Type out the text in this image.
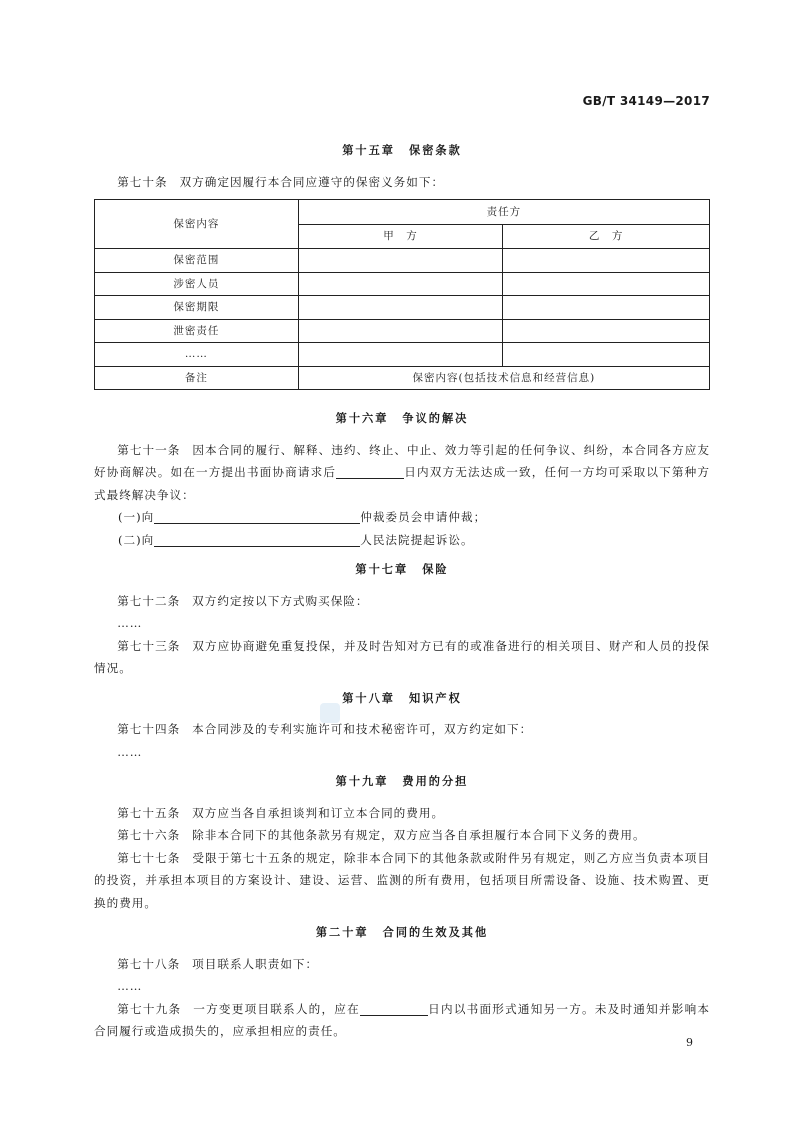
GB/T 34149—2017

第十五章 保密条款

第七十条 双方确定因履行本合同应遵守的保密义务如下：

保密内容	责任方	
	甲　方	乙　方
保密范围		
涉密人员		
保密期限		
泄密责任		
……		
备注	保密内容(包括技术信息和经营信息)	

第十六章 争议的解决

第七十一条 因本合同的履行、解释、违约、终止、中止、效力等引起的任何争议、纠纷，本合同各方应友好协商解决。如在一方提出书面协商请求后	日内双方无法达成一致，任何一方均可采取以下第种方式最终解决争议：

(一)向	仲裁委员会申请仲裁；

(二)向	人民法院提起诉讼。

第十七章 保险

第七十二条 双方约定按以下方式购买保险：

……

第七十三条 双方应协商避免重复投保，并及时告知对方已有的或准备进行的相关项目、财产和人员的投保情况。

第十八章 知识产权

第七十四条 本合同涉及的专利实施许可和技术秘密许可，双方约定如下：

……

第十九章 费用的分担

第七十五条 双方应当各自承担谈判和订立本合同的费用。

第七十六条 除非本合同下的其他条款另有规定，双方应当各自承担履行本合同下义务的费用。

第七十七条 受限于第七十五条的规定，除非本合同下的其他条款或附件另有规定，则乙方应当负责本项目的投资，并承担本项目的方案设计、建设、运营、监测的所有费用，包括项目所需设备、设施、技术购置、更换的费用。

第二十章 合同的生效及其他

第七十八条 项目联系人职责如下：

……

第七十九条 一方变更项目联系人的，应在	日内以书面形式通知另一方。未及时通知并影响本合同履行或造成损失的，应承担相应的责任。

9
